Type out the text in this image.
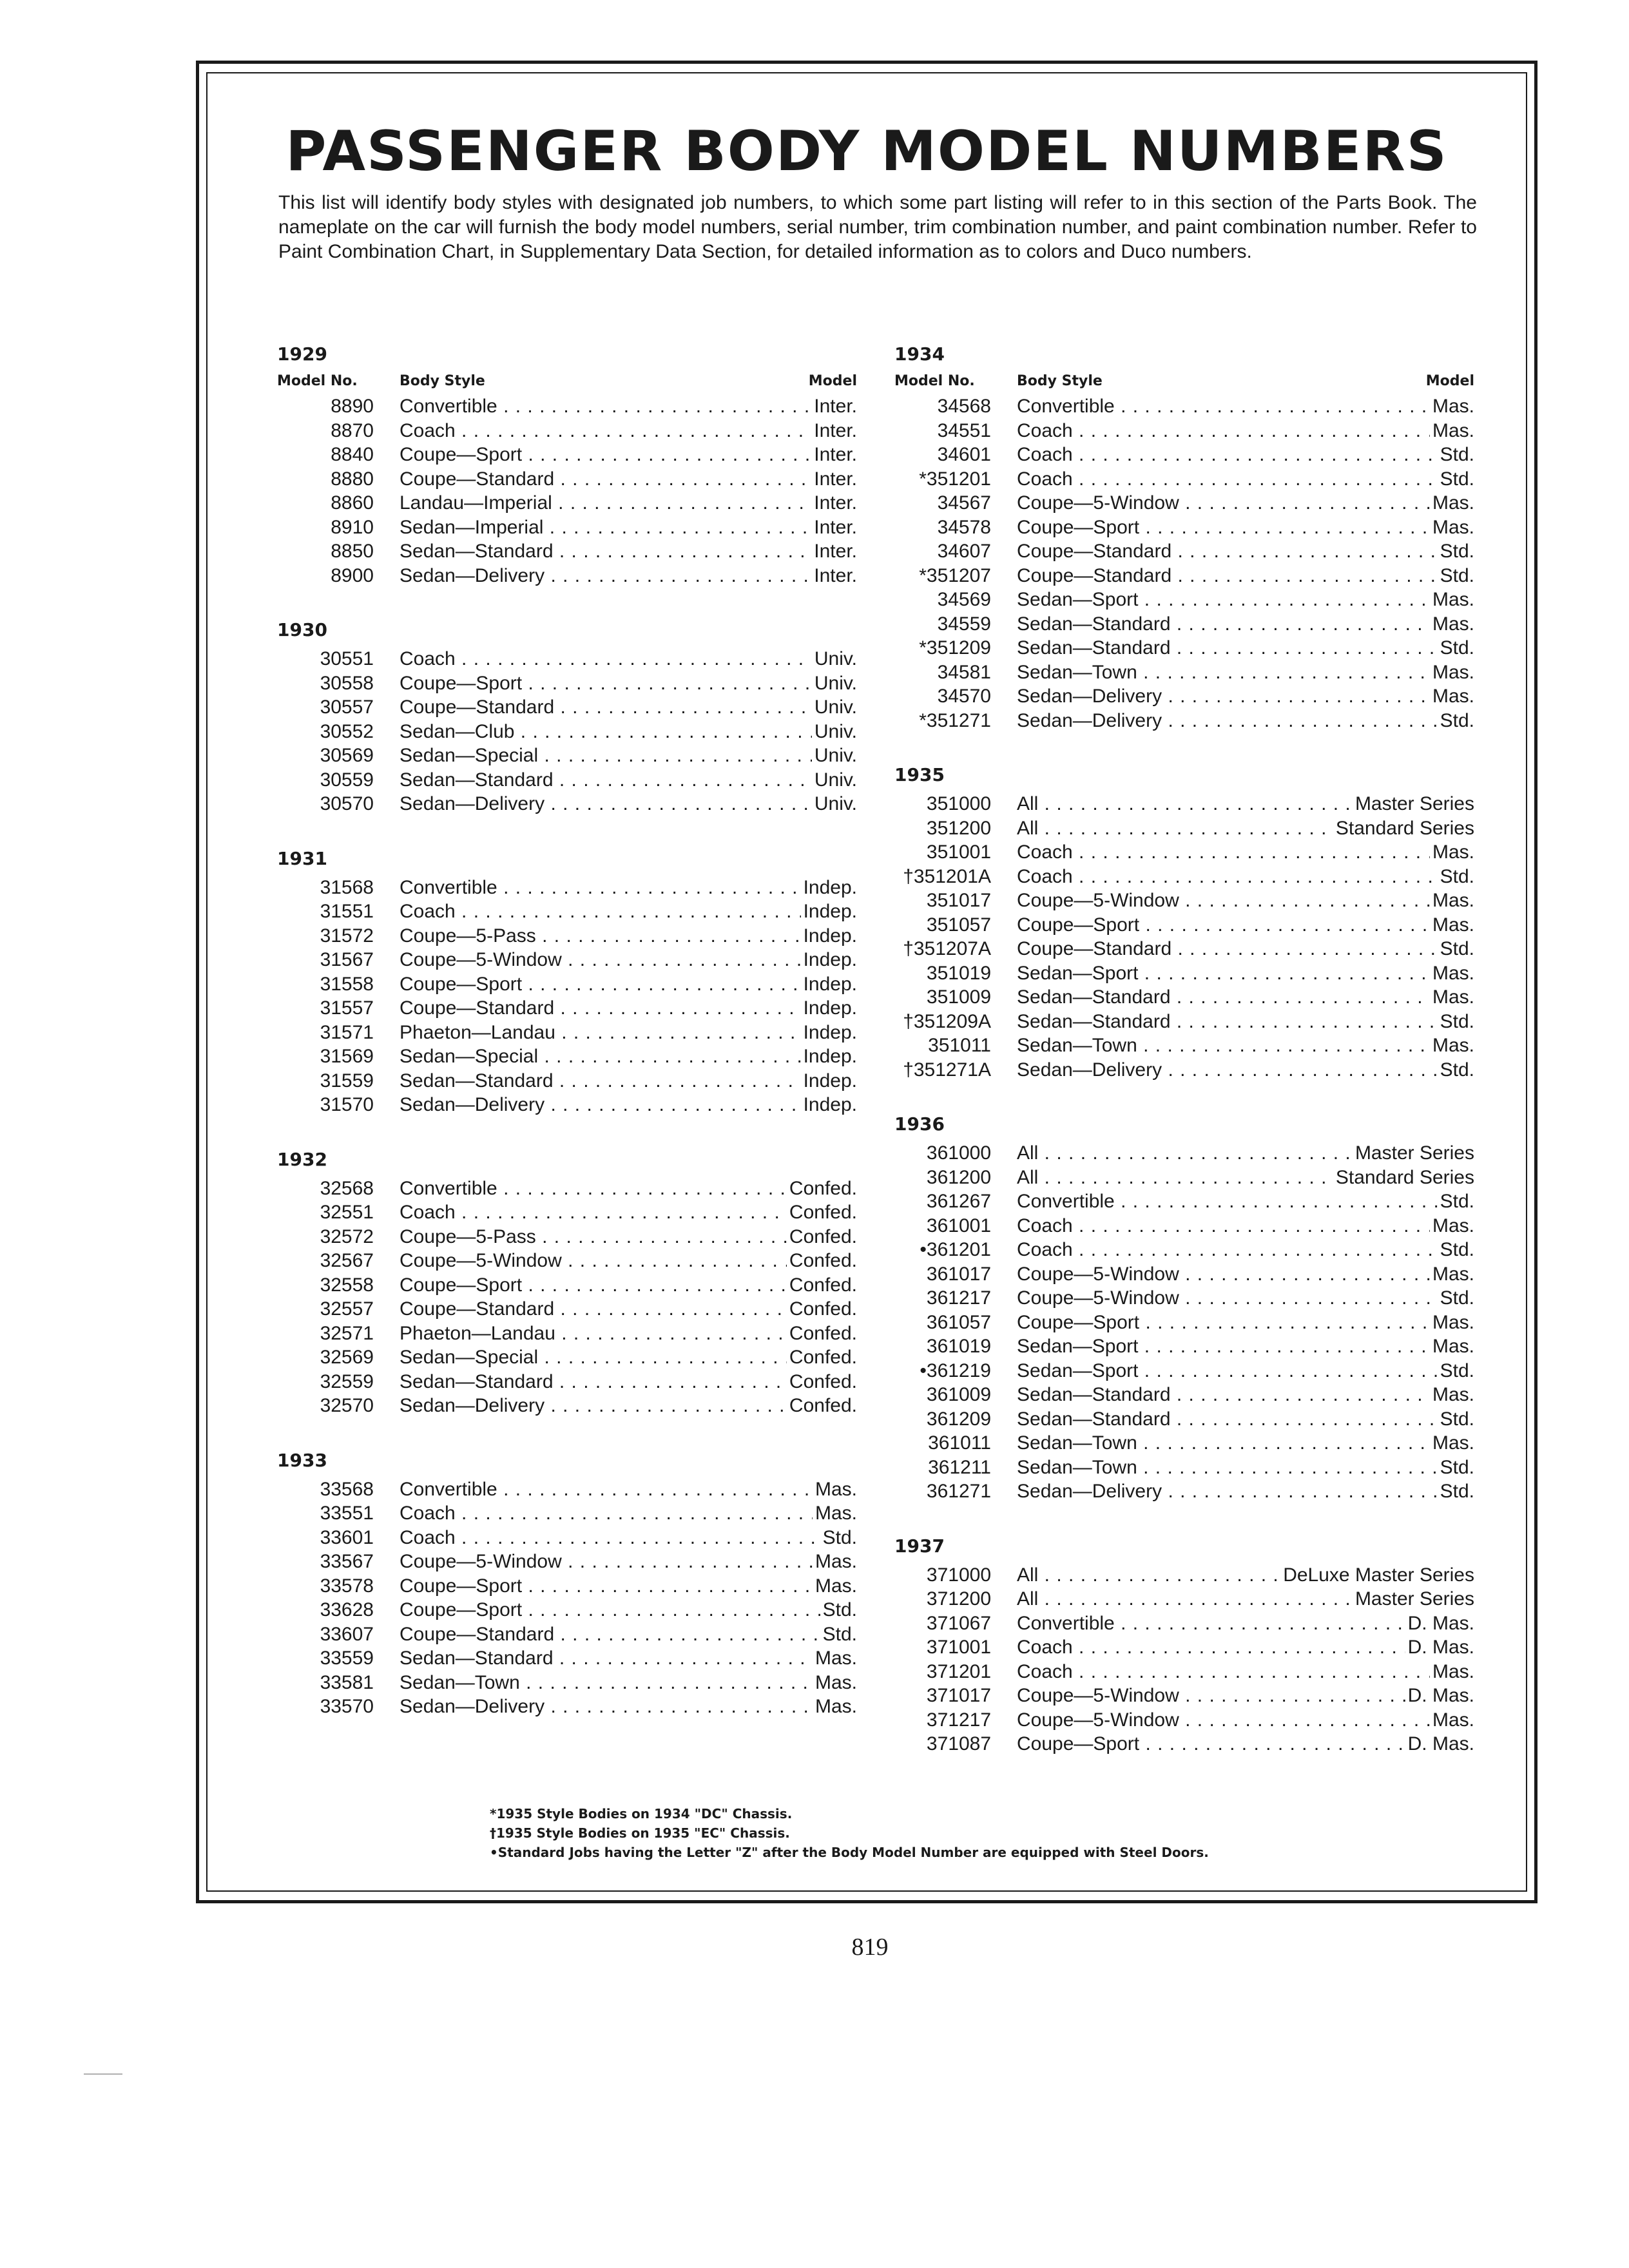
PASSENGER BODY MODEL NUMBERS

This list will identify body styles with designated job numbers, to which some part listing will refer to in this section of the Parts Book. The nameplate on the car will furnish the body model numbers, serial number, trim combination number, and paint combination number. Refer to Paint Combination Chart, in Supplementary Data Section, for detailed information as to colors and Duco numbers.

1929
Model No.	Body Style	Model
8890	Convertible . . .	Inter.
8870	Coach . . .	Inter.
8840	Coupe—Sport . . .	Inter.
8880	Coupe—Standard . . .	Inter.
8860	Landau—Imperial . . .	Inter.
8910	Sedan—Imperial . . .	Inter.
8850	Sedan—Standard . . .	Inter.
8900	Sedan—Delivery . . .	Inter.
1930
30551	Coach . . .	Univ.
30558	Coupe—Sport . . .	Univ.
30557	Coupe—Standard . . .	Univ.
30552	Sedan—Club . . .	Univ.
30569	Sedan—Special . . .	Univ.
30559	Sedan—Standard . . .	Univ.
30570	Sedan—Delivery . . .	Univ.
1931
31568	Convertible . . .	Indep.
31551	Coach . . .	Indep.
31572	Coupe—5-Pass . . .	Indep.
31567	Coupe—5-Window . . .	Indep.
31558	Coupe—Sport . . .	Indep.
31557	Coupe—Standard . . .	Indep.
31571	Phaeton—Landau . . .	Indep.
31569	Sedan—Special . . .	Indep.
31559	Sedan—Standard . . .	Indep.
31570	Sedan—Delivery . . .	Indep.
1932
32568	Convertible . . .	Confed.
32551	Coach . . .	Confed.
32572	Coupe—5-Pass . . .	Confed.
32567	Coupe—5-Window . . .	Confed.
32558	Coupe—Sport . . .	Confed.
32557	Coupe—Standard . . .	Confed.
32571	Phaeton—Landau . . .	Confed.
32569	Sedan—Special . . .	Confed.
32559	Sedan—Standard . . .	Confed.
32570	Sedan—Delivery . . .	Confed.
1933
33568	Convertible . . .	Mas.
33551	Coach . . .	Mas.
33601	Coach . . .	Std.
33567	Coupe—5-Window . . .	Mas.
33578	Coupe—Sport . . .	Mas.
33628	Coupe—Sport . . .	Std.
33607	Coupe—Standard . . .	Std.
33559	Sedan—Standard . . .	Mas.
33581	Sedan—Town . . .	Mas.
33570	Sedan—Delivery . . .	Mas.
1934
Model No.	Body Style	Model
34568	Convertible . . .	Mas.
34551	Coach . . .	Mas.
34601	Coach . . .	Std.
*351201	Coach . . .	Std.
34567	Coupe—5-Window . . .	Mas.
34578	Coupe—Sport . . .	Mas.
34607	Coupe—Standard . . .	Std.
*351207	Coupe—Standard . . .	Std.
34569	Sedan—Sport . . .	Mas.
34559	Sedan—Standard . . .	Mas.
*351209	Sedan—Standard . . .	Std.
34581	Sedan—Town . . .	Mas.
34570	Sedan—Delivery . . .	Mas.
*351271	Sedan—Delivery . . .	Std.
1935
351000	All . . .	Master Series
351200	All . . .	Standard Series
351001	Coach . . .	Mas.
†351201A	Coach . . .	Std.
351017	Coupe—5-Window . . .	Mas.
351057	Coupe—Sport . . .	Mas.
†351207A	Coupe—Standard . . .	Std.
351019	Sedan—Sport . . .	Mas.
351009	Sedan—Standard . . .	Mas.
†351209A	Sedan—Standard . . .	Std.
351011	Sedan—Town . . .	Mas.
†351271A	Sedan—Delivery . . .	Std.
1936
361000	All . . .	Master Series
361200	All . . .	Standard Series
361267	Convertible . . .	Std.
361001	Coach . . .	Mas.
•361201	Coach . . .	Std.
361017	Coupe—5-Window . . .	Mas.
361217	Coupe—5-Window . . .	Std.
361057	Coupe—Sport . . .	Mas.
361019	Sedan—Sport . . .	Mas.
•361219	Sedan—Sport . . .	Std.
361009	Sedan—Standard . . .	Mas.
361209	Sedan—Standard . . .	Std.
361011	Sedan—Town . . .	Mas.
361211	Sedan—Town . . .	Std.
361271	Sedan—Delivery . . .	Std.
1937
371000	All . . .	DeLuxe Master Series
371200	All . . .	Master Series
371067	Convertible . . .	D. Mas.
371001	Coach . . .	D. Mas.
371201	Coach . . .	Mas.
371017	Coupe—5-Window . . .	D. Mas.
371217	Coupe—5-Window . . .	Mas.
371087	Coupe—Sport . . .	D. Mas.
*1935 Style Bodies on 1934 "DC" Chassis.
†1935 Style Bodies on 1935 "EC" Chassis.
•Standard Jobs having the Letter "Z" after the Body Model Number are equipped with Steel Doors.
819
